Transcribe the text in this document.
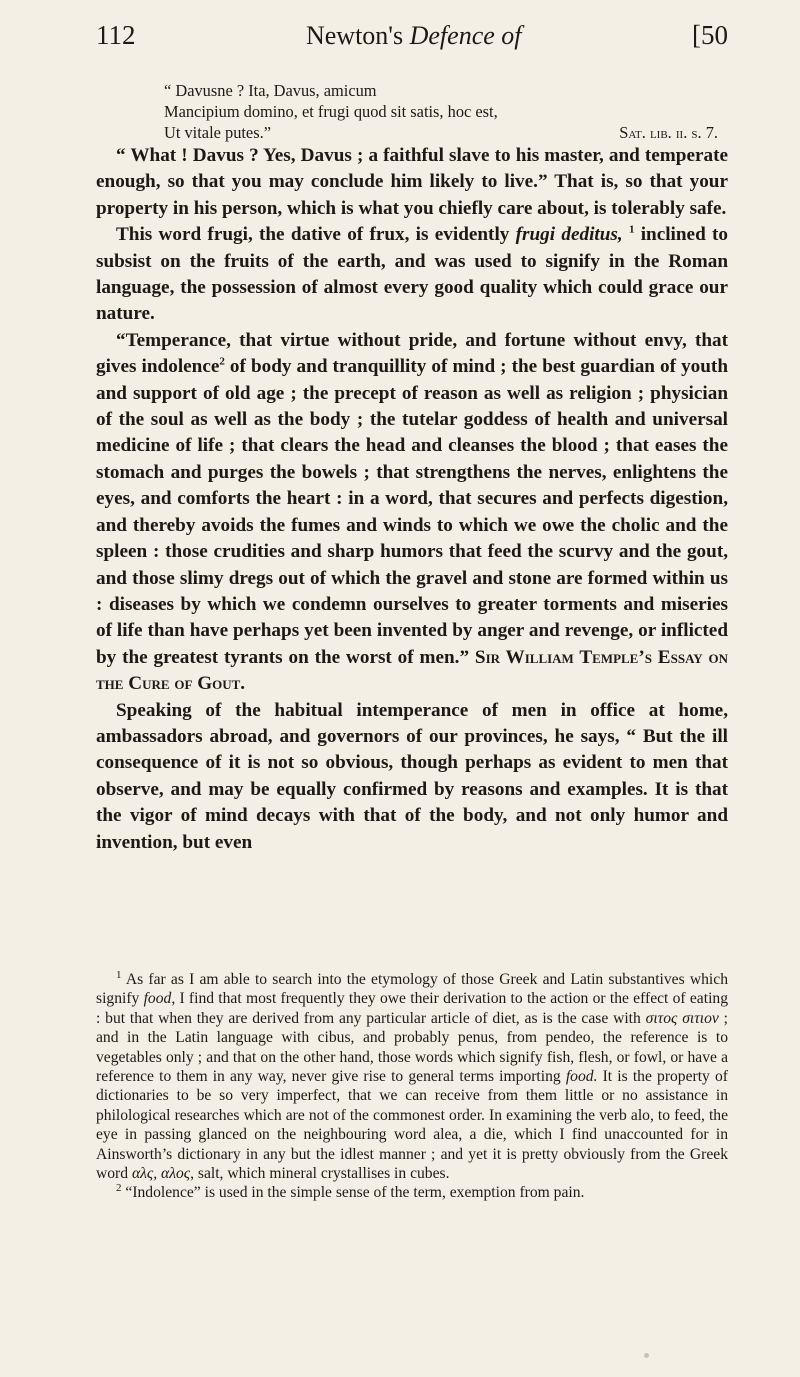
112	Newton's Defence of	[50
“ Davusne ? Ita, Davus, amicum
Mancipium domino, et frugi quod sit satis, hoc est,
Ut vitale putes.”	Sat. lib. ii. s. 7.

“ What ! Davus ? Yes, Davus ; a faithful slave to his master, and temperate enough, so that you may conclude him likely to live.” That is, so that your property in his person, which is what you chiefly care about, is tolerably safe.

This word frugi, the dative of frux, is evidently frugi deditus, $^1$ inclined to subsist on the fruits of the earth, and was used to signify in the Roman language, the possession of almost every good quality which could grace our nature.

“Temperance, that virtue without pride, and fortune without envy, that gives indolence$^2$ of body and tranquillity of mind ; the best guardian of youth and support of old age ; the precept of reason as well as religion ; physician of the soul as well as the body ; the tutelar goddess of health and universal medicine of life ; that clears the head and cleanses the blood ; that eases the stomach and purges the bowels ; that strengthens the nerves, enlightens the eyes, and comforts the heart : in a word, that secures and perfects digestion, and thereby avoids the fumes and winds to which we owe the cholic and the spleen : those crudities and sharp humors that feed the scurvy and the gout, and those slimy dregs out of which the gravel and stone are formed within us : diseases by which we condemn ourselves to greater torments and miseries of life than have perhaps yet been invented by anger and revenge, or inflicted by the greatest tyrants on the worst of men.” Sir William Temple’s Essay on the Cure of Gout.

Speaking of the habitual intemperance of men in office at home, ambassadors abroad, and governors of our provinces, he says, “ But the ill consequence of it is not so obvious, though perhaps as evident to men that observe, and may be equally confirmed by reasons and examples. It is that the vigor of mind decays with that of the body, and not only humor and invention, but even

$^1$ As far as I am able to search into the etymology of those Greek and Latin substantives which signify food, I find that most frequently they owe their derivation to the action or the effect of eating : but that when they are derived from any particular article of diet, as is the case with σιτος σιτιον ; and in the Latin language with cibus, and probably penus, from pendeo, the reference is to vegetables only ; and that on the other hand, those words which signify fish, flesh, or fowl, or have a reference to them in any way, never give rise to general terms importing food. It is the property of dictionaries to be so very imperfect, that we can receive from them little or no assistance in philological researches which are not of the commonest order. In examining the verb alo, to feed, the eye in passing glanced on the neighbouring word alea, a die, which I find unaccounted for in Ainsworth’s dictionary in any but the idlest manner ; and yet it is pretty obviously from the Greek word αλς, αλος, salt, which mineral crystallises in cubes.

$^2$ “Indolence” is used in the simple sense of the term, exemption from pain.
